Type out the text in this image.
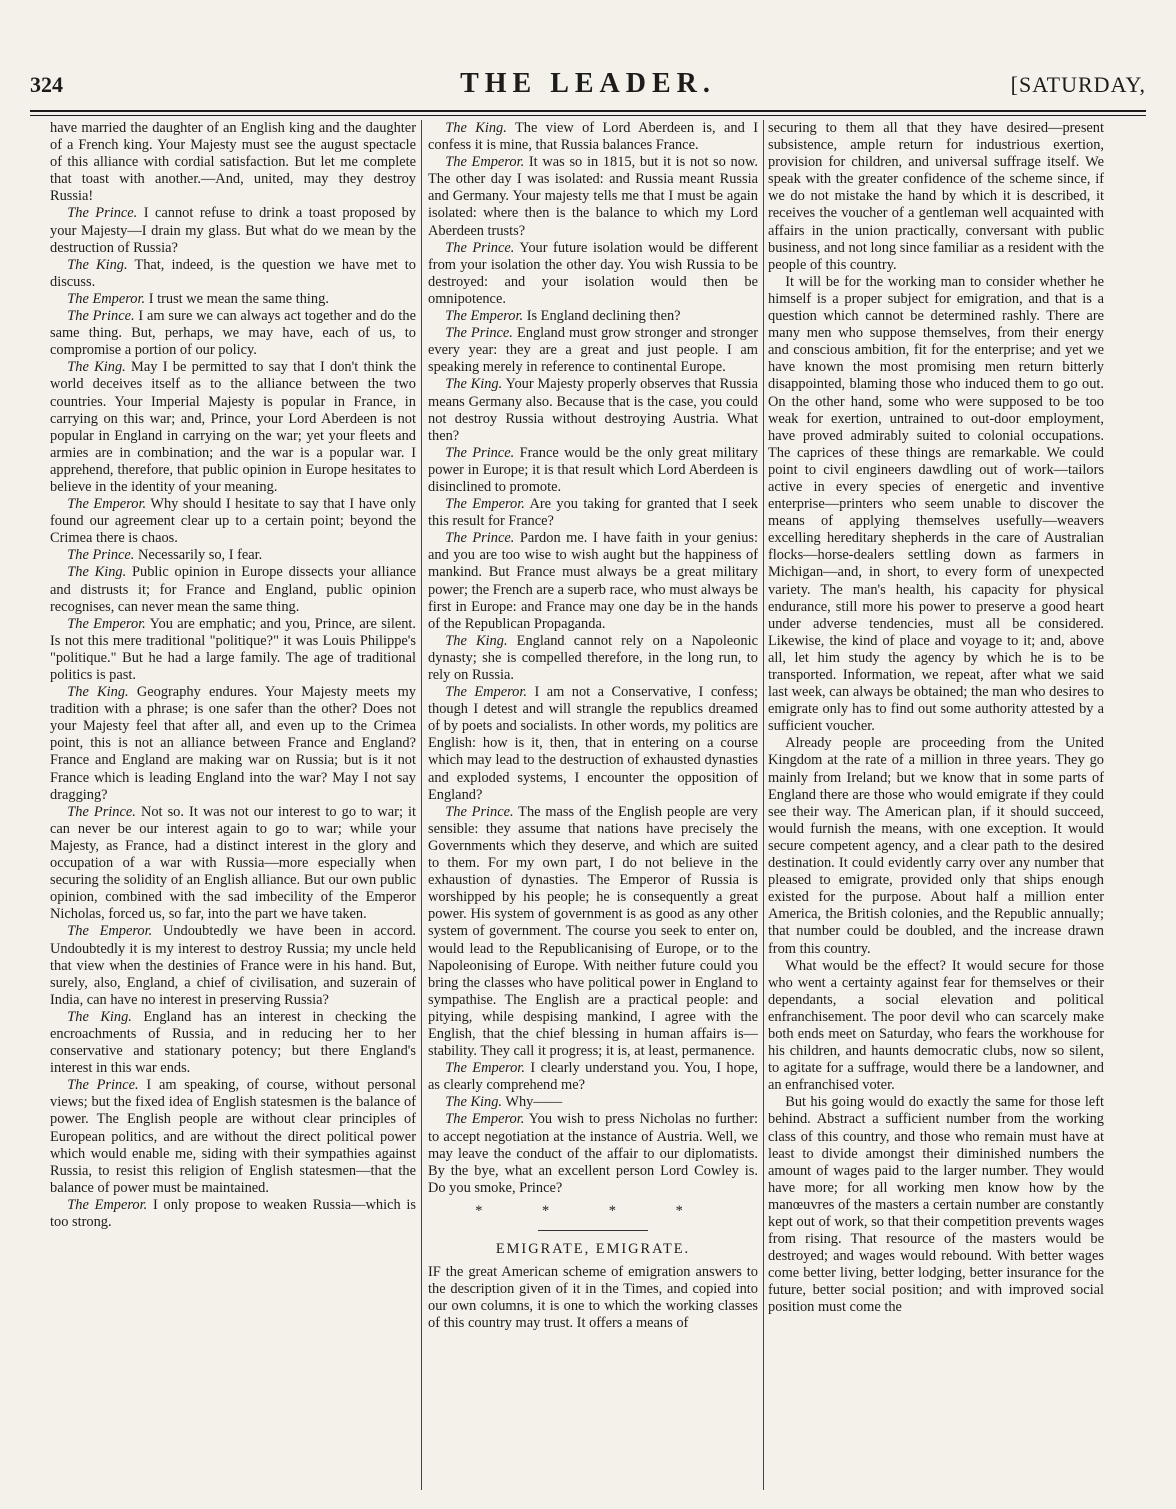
324	THE LEADER.	[SATURDAY,

have married the daughter of an English king and the daughter of a French king. Your Majesty must see the august spectacle of this alliance with cordial satisfaction. But let me complete that toast with another.—And, united, may they destroy Russia!

The Prince. I cannot refuse to drink a toast proposed by your Majesty—I drain my glass. But what do we mean by the destruction of Russia?

The King. That, indeed, is the question we have met to discuss.

The Emperor. I trust we mean the same thing.

The Prince. I am sure we can always act together and do the same thing. But, perhaps, we may have, each of us, to compromise a portion of our policy.

The King. May I be permitted to say that I don't think the world deceives itself as to the alliance between the two countries. Your Imperial Majesty is popular in France, in carrying on this war; and, Prince, your Lord Aberdeen is not popular in England in carrying on the war; yet your fleets and armies are in combination; and the war is a popular war. I apprehend, therefore, that public opinion in Europe hesitates to believe in the identity of your meaning.

The Emperor. Why should I hesitate to say that I have only found our agreement clear up to a certain point; beyond the Crimea there is chaos.

The Prince. Necessarily so, I fear.

The King. Public opinion in Europe dissects your alliance and distrusts it; for France and England, public opinion recognises, can never mean the same thing.

The Emperor. You are emphatic; and you, Prince, are silent. Is not this mere traditional "politique?" it was Louis Philippe's "politique." But he had a large family. The age of traditional politics is past.

The King. Geography endures. Your Majesty meets my tradition with a phrase; is one safer than the other? Does not your Majesty feel that after all, and even up to the Crimea point, this is not an alliance between France and England? France and England are making war on Russia; but is it not France which is leading England into the war? May I not say dragging?

The Prince. Not so. It was not our interest to go to war; it can never be our interest again to go to war; while your Majesty, as France, had a distinct interest in the glory and occupation of a war with Russia—more especially when securing the solidity of an English alliance. But our own public opinion, combined with the sad imbecility of the Emperor Nicholas, forced us, so far, into the part we have taken.

The Emperor. Undoubtedly we have been in accord. Undoubtedly it is my interest to destroy Russia; my uncle held that view when the destinies of France were in his hand. But, surely, also, England, a chief of civilisation, and suzerain of India, can have no interest in preserving Russia?

The King. England has an interest in checking the encroachments of Russia, and in reducing her to her conservative and stationary potency; but there England's interest in this war ends.

The Prince. I am speaking, of course, without personal views; but the fixed idea of English statesmen is the balance of power. The English people are without clear principles of European politics, and are without the direct political power which would enable me, siding with their sympathies against Russia, to resist this religion of English statesmen—that the balance of power must be maintained.

The Emperor. I only propose to weaken Russia—which is too strong.

The King. The view of Lord Aberdeen is, and I confess it is mine, that Russia balances France.

The Emperor. It was so in 1815, but it is not so now. The other day I was isolated: and Russia meant Russia and Germany. Your majesty tells me that I must be again isolated: where then is the balance to which my Lord Aberdeen trusts?

The Prince. Your future isolation would be different from your isolation the other day. You wish Russia to be destroyed: and your isolation would then be omnipotence.

The Emperor. Is England declining then?

The Prince. England must grow stronger and stronger every year: they are a great and just people. I am speaking merely in reference to continental Europe.

The King. Your Majesty properly observes that Russia means Germany also. Because that is the case, you could not destroy Russia without destroying Austria. What then?

The Prince. France would be the only great military power in Europe; it is that result which Lord Aberdeen is disinclined to promote.

The Emperor. Are you taking for granted that I seek this result for France?

The Prince. Pardon me. I have faith in your genius: and you are too wise to wish aught but the happiness of mankind. But France must always be a great military power; the French are a superb race, who must always be first in Europe: and France may one day be in the hands of the Republican Propaganda.

The King. England cannot rely on a Napoleonic dynasty; she is compelled therefore, in the long run, to rely on Russia.

The Emperor. I am not a Conservative, I confess; though I detest and will strangle the republics dreamed of by poets and socialists. In other words, my politics are English: how is it, then, that in entering on a course which may lead to the destruction of exhausted dynasties and exploded systems, I encounter the opposition of England?

The Prince. The mass of the English people are very sensible: they assume that nations have precisely the Governments which they deserve, and which are suited to them. For my own part, I do not believe in the exhaustion of dynasties. The Emperor of Russia is worshipped by his people; he is consequently a great power. His system of government is as good as any other system of government. The course you seek to enter on, would lead to the Republicanising of Europe, or to the Napoleonising of Europe. With neither future could you bring the classes who have political power in England to sympathise. The English are a practical people: and pitying, while despising mankind, I agree with the English, that the chief blessing in human affairs is—stability. They call it progress; it is, at least, permanence.

The Emperor. I clearly understand you. You, I hope, as clearly comprehend me?

The King. Why——

The Emperor. You wish to press Nicholas no further: to accept negotiation at the instance of Austria. Well, we may leave the conduct of the affair to our diplomatists. By the bye, what an excellent person Lord Cowley is. Do you smoke, Prince?

* * * *
EMIGRATE, EMIGRATE.

IF the great American scheme of emigration answers to the description given of it in the Times, and copied into our own columns, it is one to which the working classes of this country may trust. It offers a means of

securing to them all that they have desired—present subsistence, ample return for industrious exertion, provision for children, and universal suffrage itself. We speak with the greater confidence of the scheme since, if we do not mistake the hand by which it is described, it receives the voucher of a gentleman well acquainted with affairs in the union practically, conversant with public business, and not long since familiar as a resident with the people of this country.

It will be for the working man to consider whether he himself is a proper subject for emigration, and that is a question which cannot be determined rashly. There are many men who suppose themselves, from their energy and conscious ambition, fit for the enterprise; and yet we have known the most promising men return bitterly disappointed, blaming those who induced them to go out. On the other hand, some who were supposed to be too weak for exertion, untrained to out-door employment, have proved admirably suited to colonial occupations. The caprices of these things are remarkable. We could point to civil engineers dawdling out of work—tailors active in every species of energetic and inventive enterprise—printers who seem unable to discover the means of applying themselves usefully—weavers excelling hereditary shepherds in the care of Australian flocks—horse-dealers settling down as farmers in Michigan—and, in short, to every form of unexpected variety. The man's health, his capacity for physical endurance, still more his power to preserve a good heart under adverse tendencies, must all be considered. Likewise, the kind of place and voyage to it; and, above all, let him study the agency by which he is to be transported. Information, we repeat, after what we said last week, can always be obtained; the man who desires to emigrate only has to find out some authority attested by a sufficient voucher.

Already people are proceeding from the United Kingdom at the rate of a million in three years. They go mainly from Ireland; but we know that in some parts of England there are those who would emigrate if they could see their way. The American plan, if it should succeed, would furnish the means, with one exception. It would secure competent agency, and a clear path to the desired destination. It could evidently carry over any number that pleased to emigrate, provided only that ships enough existed for the purpose. About half a million enter America, the British colonies, and the Republic annually; that number could be doubled, and the increase drawn from this country.

What would be the effect? It would secure for those who went a certainty against fear for themselves or their dependants, a social elevation and political enfranchisement. The poor devil who can scarcely make both ends meet on Saturday, who fears the workhouse for his children, and haunts democratic clubs, now so silent, to agitate for a suffrage, would there be a landowner, and an enfranchised voter.

But his going would do exactly the same for those left behind. Abstract a sufficient number from the working class of this country, and those who remain must have at least to divide amongst their diminished numbers the amount of wages paid to the larger number. They would have more; for all working men know how by the manœuvres of the masters a certain number are constantly kept out of work, so that their competition prevents wages from rising. That resource of the masters would be destroyed; and wages would rebound. With better wages come better living, better lodging, better insurance for the future, better social position; and with improved social position must come the
